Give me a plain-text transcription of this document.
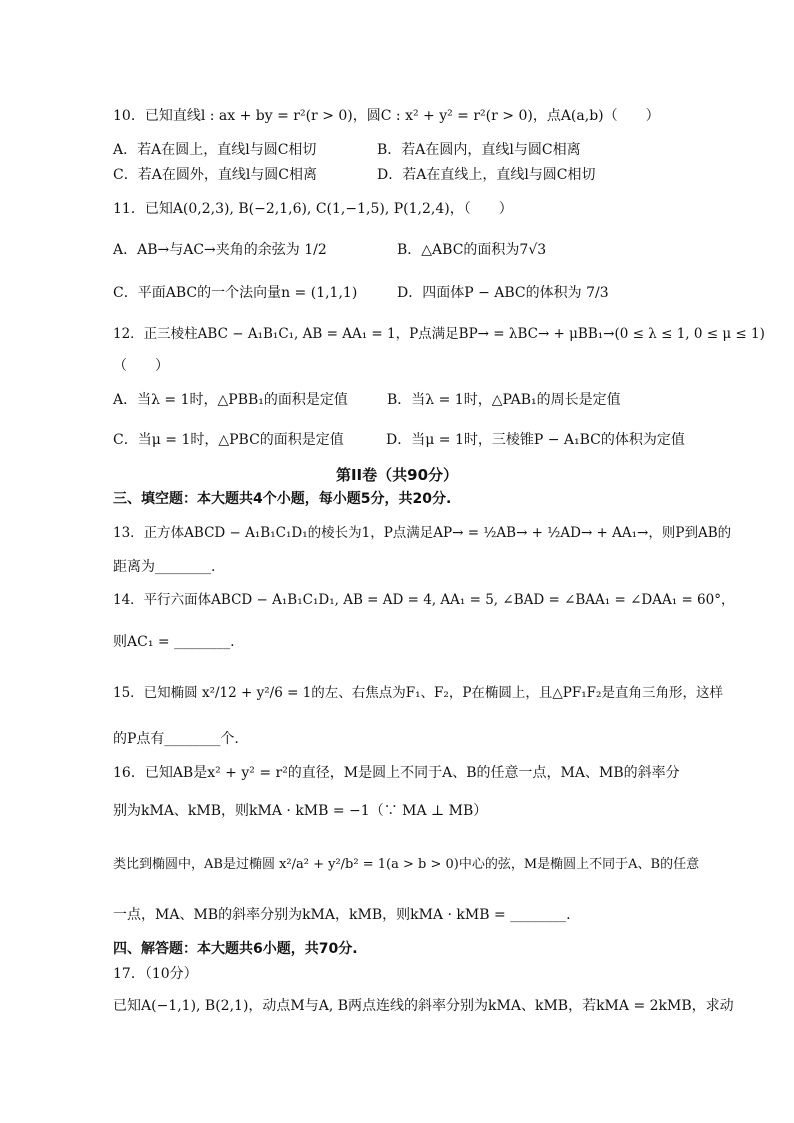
10．已知直线l : ax + by = r²(r > 0)，圆C : x² + y² = r²(r > 0)，点A(a,b)（　　）
A．若A在圆上，直线l与圆C相切	B．若A在圆内，直线l与圆C相离
C．若A在圆外，直线l与圆C相离	D．若A在直线上，直线l与圆C相切
11．已知A(0,2,3), B(−2,1,6), C(1,−1,5), P(1,2,4)，（　　）
A．AB→与AC→夹角的余弦为 1/2	B．△ABC的面积为7√3
C．平面ABC的一个法向量n = (1,1,1)	D．四面体P − ABC的体积为 7/3
12．正三棱柱ABC − A₁B₁C₁, AB = AA₁ = 1，P点满足BP→ = λBC→ + μBB₁→(0 ≤ λ ≤ 1, 0 ≤ μ ≤ 1)
（　　）
A．当λ = 1时，△PBB₁的面积是定值	B．当λ = 1时，△PAB₁的周长是定值
C．当μ = 1时，△PBC的面积是定值	D．当μ = 1时，三棱锥P − A₁BC的体积为定值
第II卷（共90分）
三、填空题：本大题共4个小题，每小题5分，共20分.
13．正方体ABCD − A₁B₁C₁D₁的棱长为1，P点满足AP→ = ½AB→ + ½AD→ + AA₁→，则P到AB的
距离为________.
14．平行六面体ABCD − A₁B₁C₁D₁, AB = AD = 4, AA₁ = 5, ∠BAD = ∠BAA₁ = ∠DAA₁ = 60°，
则AC₁ = ________.
15．已知椭圆 x²/12 + y²/6 = 1的左、右焦点为F₁、F₂，P在椭圆上，且△PF₁F₂是直角三角形，这样
的P点有________个.
16．已知AB是x² + y² = r²的直径，M是圆上不同于A、B的任意一点，MA、MB的斜率分
别为kMA、kMB，则kMA · kMB = −1（∵ MA ⊥ MB）
类比到椭圆中，AB是过椭圆 x²/a² + y²/b² = 1(a > b > 0)中心的弦，M是椭圆上不同于A、B的任意
一点，MA、MB的斜率分别为kMA，kMB，则kMA · kMB = ________.
四、解答题：本大题共6小题，共70分.
17．（10分）
已知A(−1,1), B(2,1)，动点M与A, B两点连线的斜率分别为kMA、kMB，若kMA = 2kMB，求动
